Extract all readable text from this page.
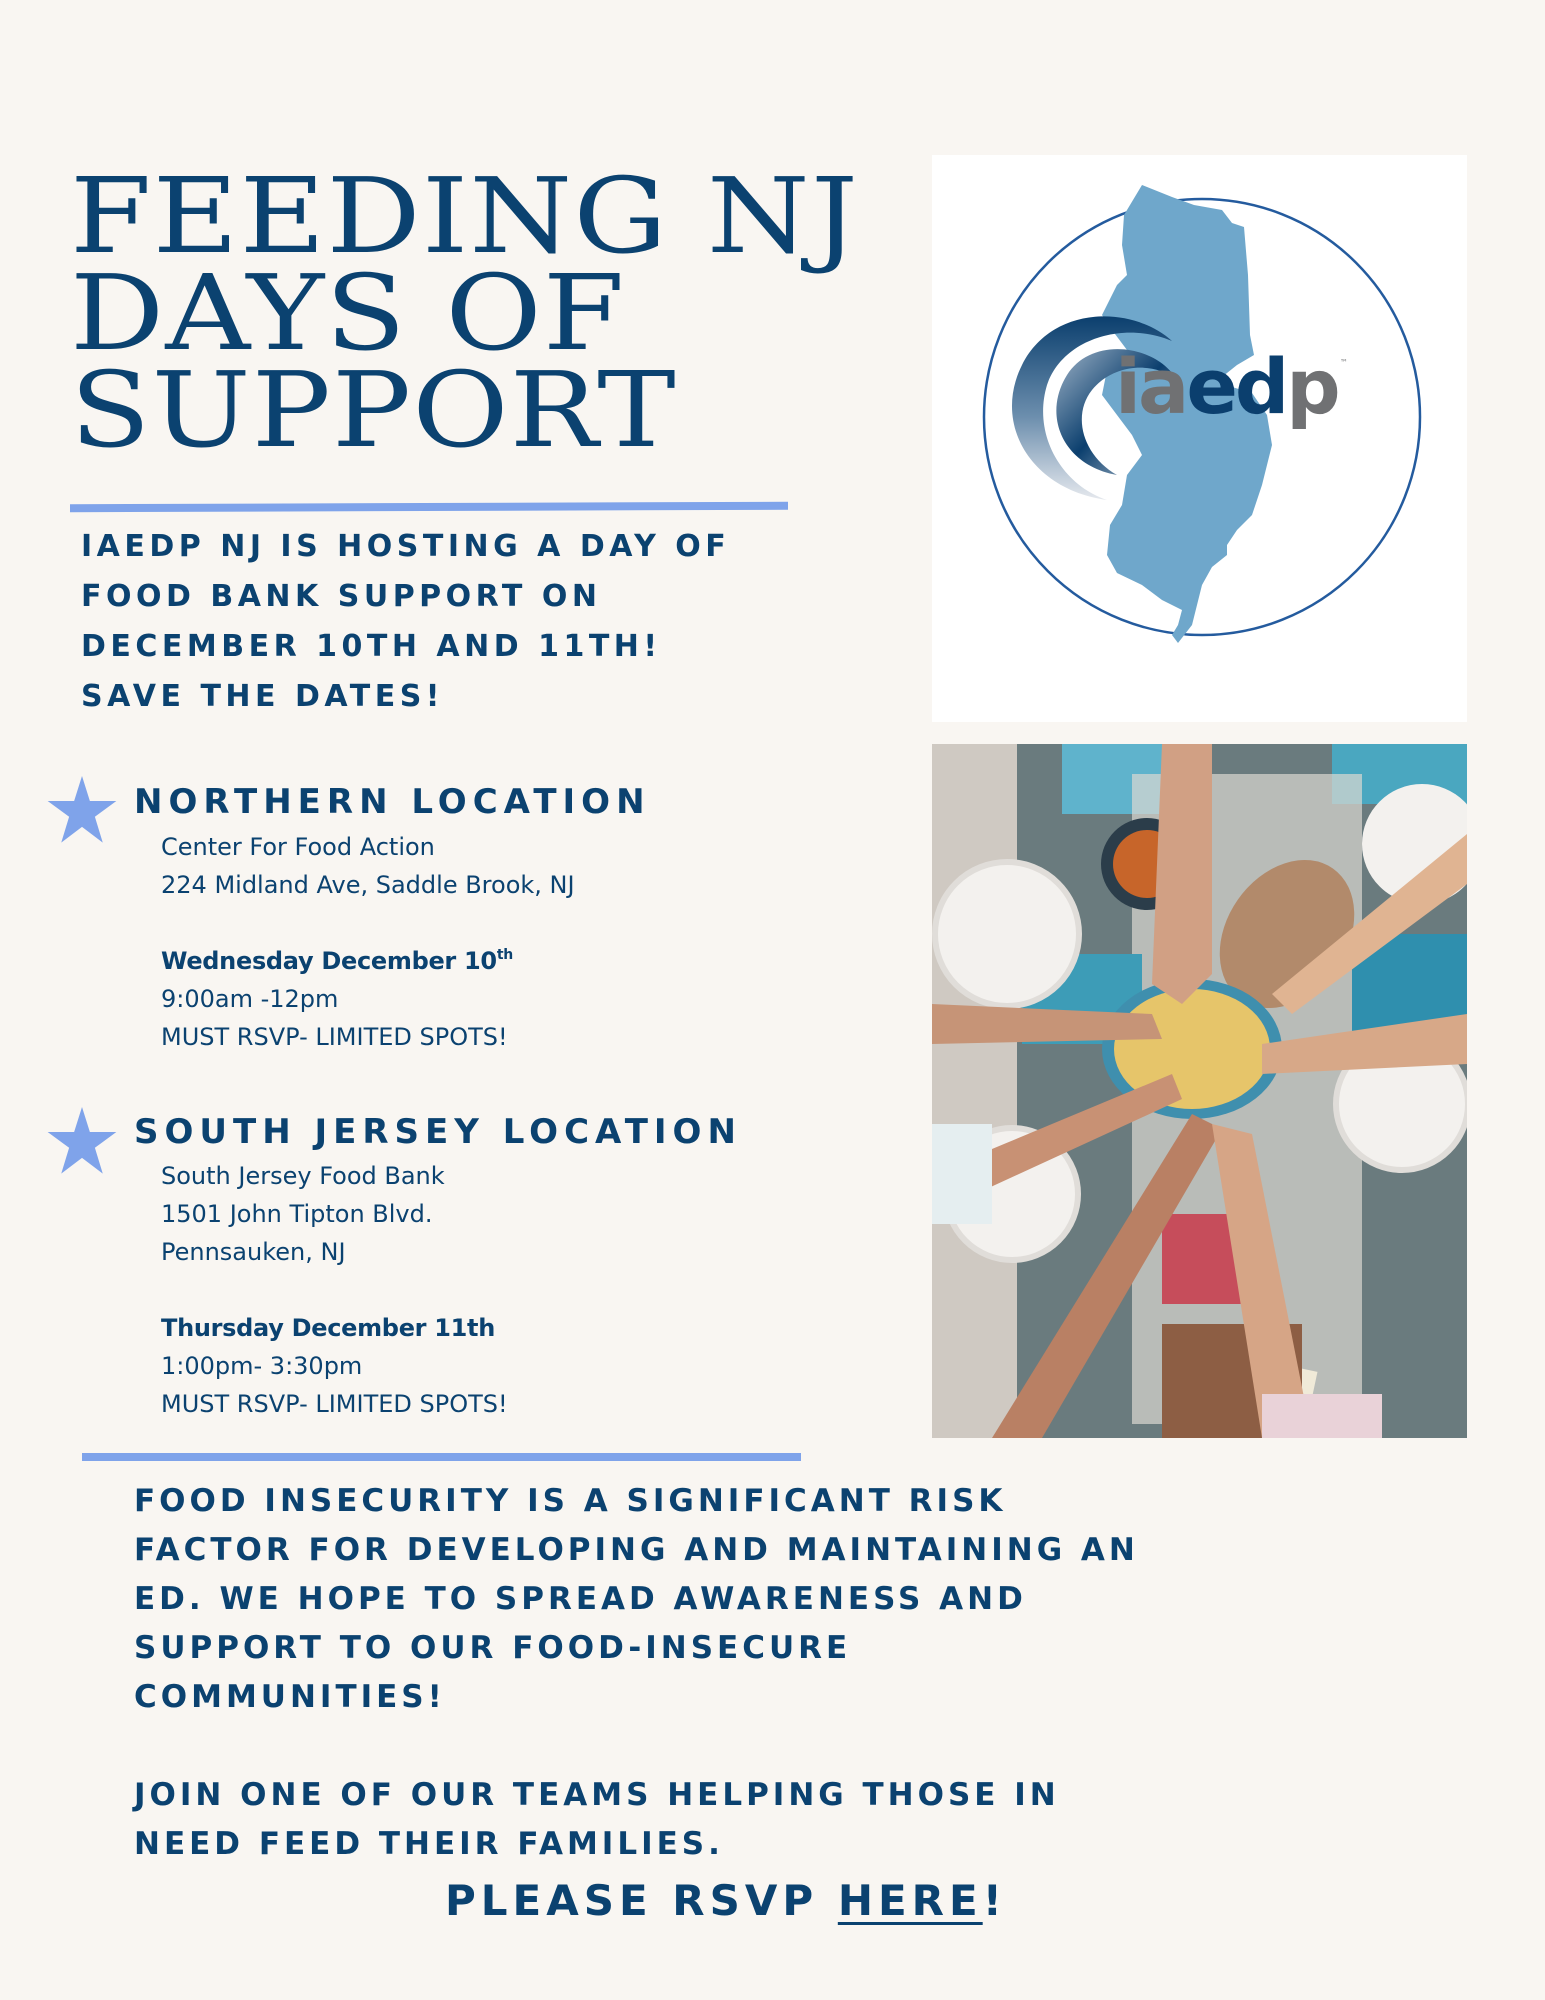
FEEDING NJ
DAYS OF
SUPPORT
IAEDP NJ IS HOSTING A DAY OF
FOOD BANK SUPPORT ON
DECEMBER 10TH AND 11TH!
SAVE THE DATES!
NORTHERN LOCATION
Center For Food Action
224 Midland Ave, Saddle Brook, NJ
Wednesday December 10th
9:00am -12pm
MUST RSVP- LIMITED SPOTS!
SOUTH JERSEY LOCATION
South Jersey Food Bank
1501 John Tipton Blvd.
Pennsauken, NJ
Thursday December 11th
1:00pm- 3:30pm
MUST RSVP- LIMITED SPOTS!
FOOD INSECURITY IS A SIGNIFICANT RISK
FACTOR FOR DEVELOPING AND MAINTAINING AN
ED. WE HOPE TO SPREAD AWARENESS AND
SUPPORT TO OUR FOOD-INSECURE
COMMUNITIES!
JOIN ONE OF OUR TEAMS HELPING THOSE IN
NEED FEED THEIR FAMILIES.
PLEASE RSVP HERE!
iaedp ™
